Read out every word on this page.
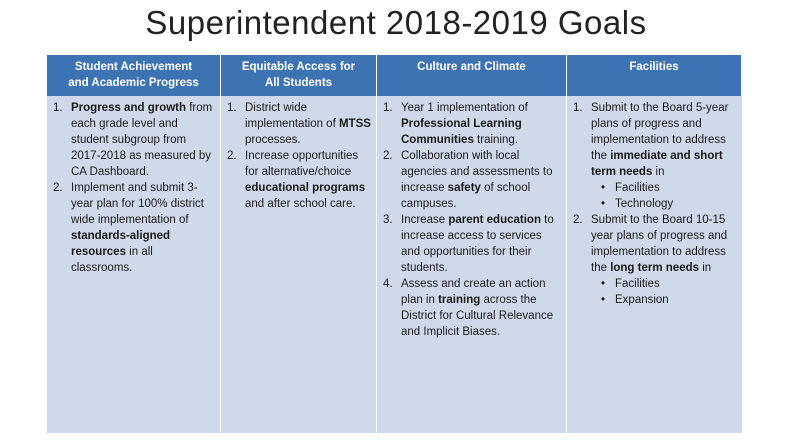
Superintendent 2018-2019 Goals
Student Achievement
and Academic Progress
Equitable Access for
All Students
Culture and Climate	Facilities
1. Progress and growth from each grade level and student subgroup from 2017-2018 as measured by CA Dashboard.
2. Implement and submit 3-year plan for 100% district wide implementation of standards-aligned resources in all classrooms.
1. District wide implementation of MTSS processes.
2. Increase opportunities for alternative/choice educational programs and after school care.
1. Year 1 implementation of Professional Learning Communities training.
2. Collaboration with local agencies and assessments to increase safety of school campuses.
3. Increase parent education to increase access to services and opportunities for their students.
4. Assess and create an action plan in training across the District for Cultural Relevance and Implicit Biases.
1. Submit to the Board 5-year plans of progress and implementation to address the immediate and short term needs in
• Facilities
• Technology
2. Submit to the Board 10-15 year plans of progress and implementation to address the long term needs in
• Facilities
• Expansion
